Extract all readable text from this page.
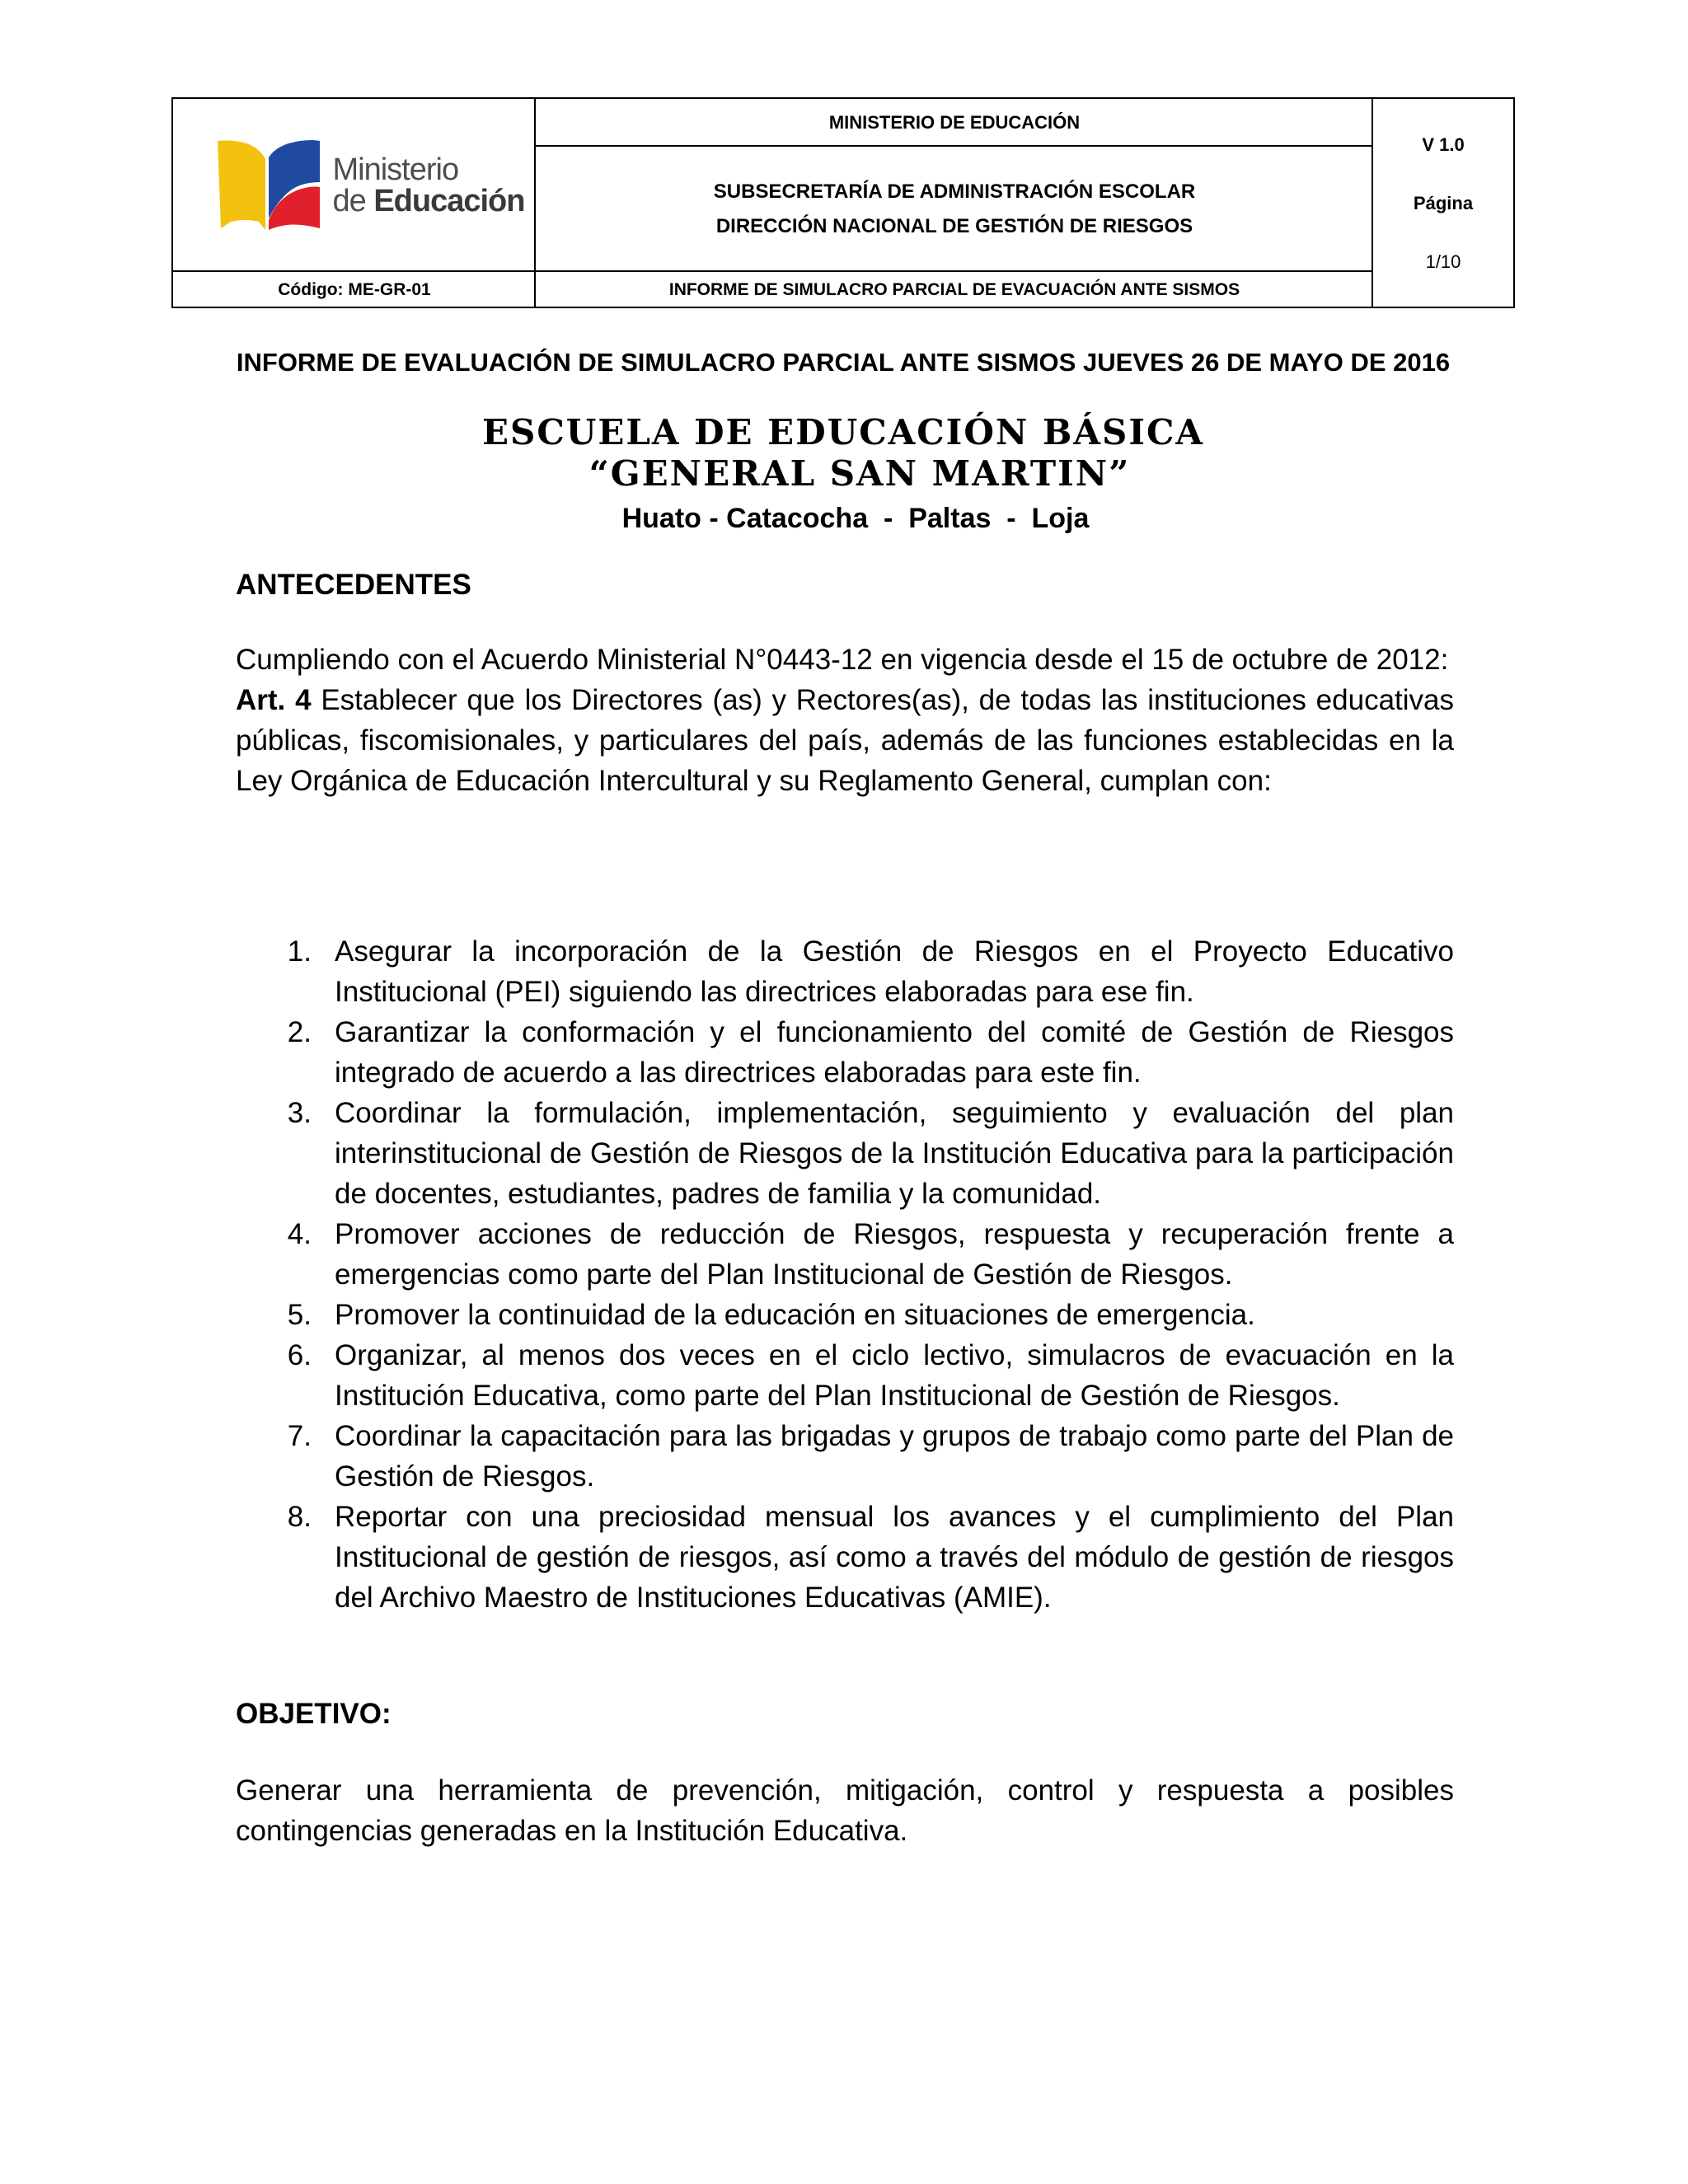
Ministerio
de Educación
Código: ME-GR-01
MINISTERIO DE EDUCACIÓN
SUBSECRETARÍA DE ADMINISTRACIÓN ESCOLAR
DIRECCIÓN NACIONAL DE GESTIÓN DE RIESGOS
INFORME DE SIMULACRO PARCIAL DE EVACUACIÓN ANTE SISMOS
V 1.0
Página
1/10
INFORME DE EVALUACIÓN DE SIMULACRO PARCIAL ANTE SISMOS JUEVES 26 DE MAYO DE 2016
ESCUELA DE EDUCACIÓN BÁSICA
“GENERAL SAN MARTIN”
Huato - Catacocha  -  Paltas  -  Loja
ANTECEDENTES
Cumpliendo con el Acuerdo Ministerial N°0443-12 en vigencia desde el 15 de octubre de 2012:
Art. 4 Establecer que los Directores (as) y Rectores(as), de todas las instituciones educativas públicas, fiscomisionales, y particulares del país, además de las funciones establecidas en la Ley Orgánica de Educación Intercultural y su Reglamento General, cumplan con:
1. Asegurar la incorporación de la Gestión de Riesgos en el Proyecto Educativo Institucional (PEI) siguiendo las directrices elaboradas para ese fin.
2. Garantizar la conformación y el funcionamiento del comité de Gestión de Riesgos integrado de acuerdo a las directrices elaboradas para este fin.
3. Coordinar la formulación, implementación, seguimiento y evaluación del plan interinstitucional de Gestión de Riesgos de la Institución Educativa para la participación de docentes, estudiantes, padres de familia y la comunidad.
4. Promover acciones de reducción de Riesgos, respuesta y recuperación frente a emergencias como parte del Plan Institucional de Gestión de Riesgos.
5. Promover la continuidad de la educación en situaciones de emergencia.
6. Organizar, al menos dos veces en el ciclo lectivo, simulacros de evacuación en la Institución Educativa, como parte del Plan Institucional de Gestión de Riesgos.
7. Coordinar la capacitación para las brigadas y grupos de trabajo como parte del Plan de Gestión de Riesgos.
8. Reportar con una preciosidad mensual los avances y el cumplimiento del Plan Institucional de gestión de riesgos, así como a través del módulo de gestión de riesgos del Archivo Maestro de Instituciones Educativas (AMIE).
OBJETIVO:
Generar una herramienta de prevención, mitigación, control y respuesta a posibles contingencias generadas en la Institución Educativa.
